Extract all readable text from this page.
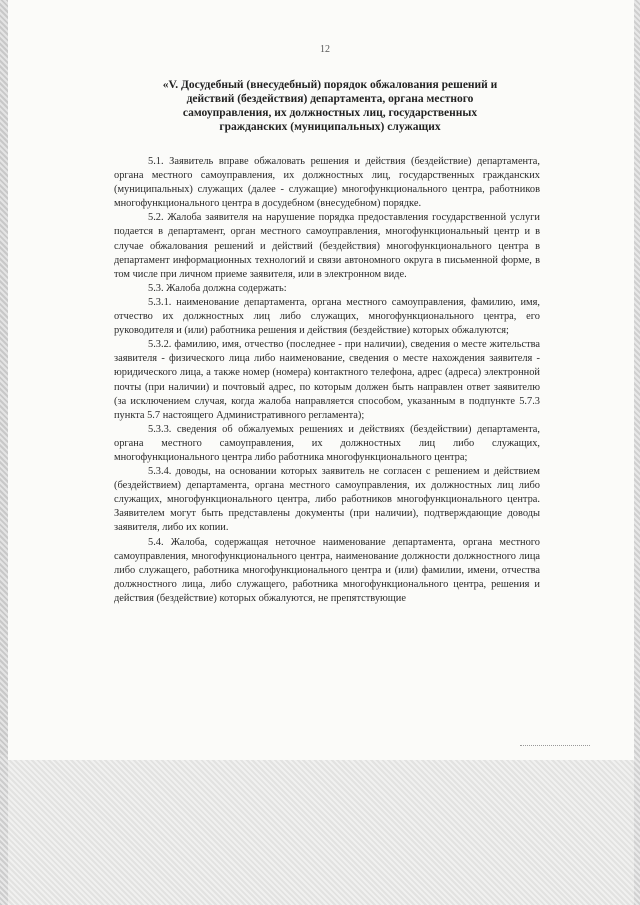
12
«V. Досудебный (внесудебный) порядок обжалования решений и действий (бездействия) департамента, органа местного самоуправления, их должностных лиц, государственных гражданских (муниципальных) служащих

5.1. Заявитель вправе обжаловать решения и действия (бездействие) департамента, органа местного самоуправления, их должностных лиц, государственных гражданских (муниципальных) служащих (далее - служащие) многофункционального центра, работников многофункционального центра в досудебном (внесудебном) порядке.

5.2. Жалоба заявителя на нарушение порядка предоставления государственной услуги подается в департамент, орган местного самоуправления, многофункциональный центр и в случае обжалования решений и действий (бездействия) многофункционального центра в департамент информационных технологий и связи автономного округа в письменной форме, в том числе при личном приеме заявителя, или в электронном виде.

5.3. Жалоба должна содержать:

5.3.1. наименование департамента, органа местного самоуправления, фамилию, имя, отчество их должностных лиц либо служащих, многофункционального центра, его руководителя и (или) работника решения и действия (бездействие) которых обжалуются;

5.3.2. фамилию, имя, отчество (последнее - при наличии), сведения о месте жительства заявителя - физического лица либо наименование, сведения о месте нахождения заявителя - юридического лица, а также номер (номера) контактного телефона, адрес (адреса) электронной почты (при наличии) и почтовый адрес, по которым должен быть направлен ответ заявителю (за исключением случая, когда жалоба направляется способом, указанным в подпункте 5.7.3 пункта 5.7 настоящего Административного регламента);

5.3.3. сведения об обжалуемых решениях и действиях (бездействии) департамента, органа местного самоуправления, их должностных лиц либо служащих, многофункционального центра либо работника многофункционального центра;

5.3.4. доводы, на основании которых заявитель не согласен с решением и действием (бездействием) департамента, органа местного самоуправления, их должностных лиц либо служащих, многофункционального центра, либо работников многофункционального центра. Заявителем могут быть представлены документы (при наличии), подтверждающие доводы заявителя, либо их копии.

5.4. Жалоба, содержащая неточное наименование департамента, органа местного самоуправления, многофункционального центра, наименование должности должностного лица либо служащего, работника многофункционального центра и (или) фамилии, имени, отчества должностного лица, либо служащего, работника многофункционального центра, решения и действия (бездействие) которых обжалуются, не препятствующие
